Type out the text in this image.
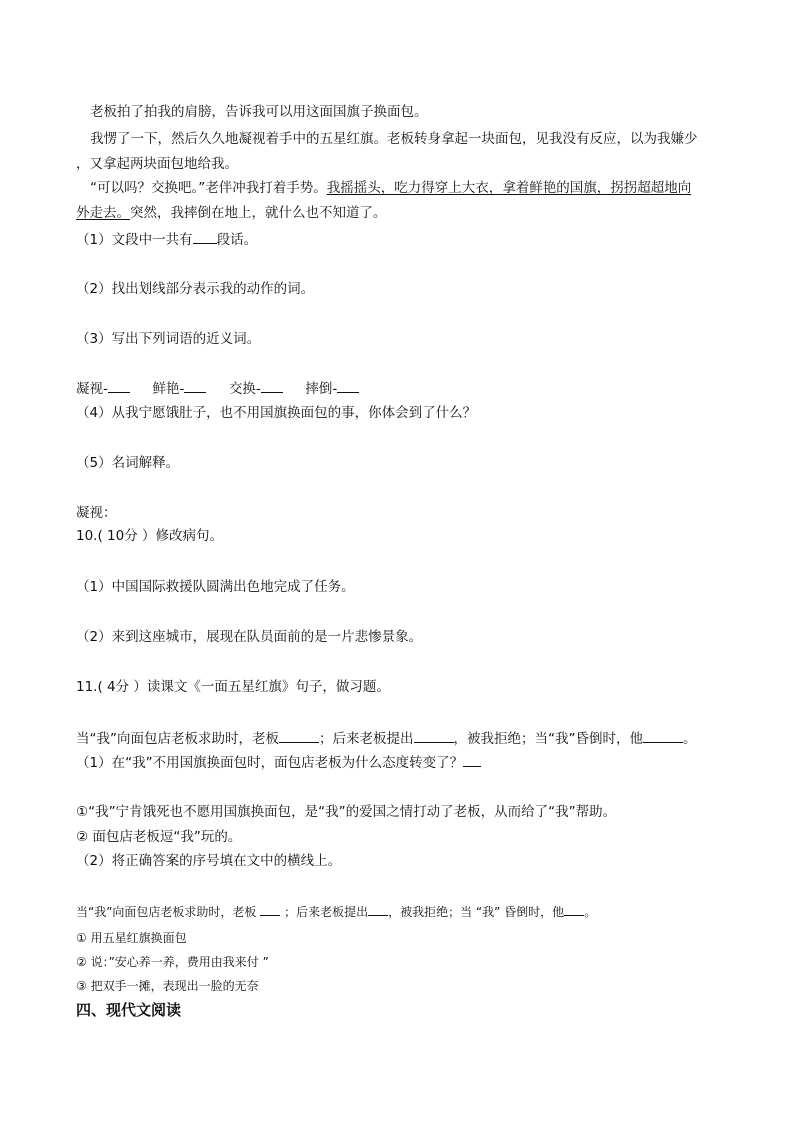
老板拍了拍我的肩膀，告诉我可以用这面国旗子换面包。
我愣了一下，然后久久地凝视着手中的五星红旗。老板转身拿起一块面包，见我没有反应，以为我嫌少
，又拿起两块面包地给我。
“可以吗？交换吧。”老伴冲我打着手势。我摇摇头，吃力得穿上大衣，拿着鲜艳的国旗，拐拐超超地向
外走去。突然，我摔倒在地上，就什么也不知道了。
（1）文段中一共有 段话。
（2）找出划线部分表示我的动作的词。
（3）写出下列词语的近义词。
凝视-	鲜艳-	交换-	摔倒-
（4）从我宁愿饿肚子，也不用国旗换面包的事，你体会到了什么？
（5）名词解释。
凝视：
10.( 10分 ）修改病句。
（1）中国国际救援队圆满出色地完成了任务。
（2）来到这座城市，展现在队员面前的是一片悲惨景象。
11.( 4分 ）读课文《一面五星红旗》句子，做习题。
当“我”向面包店老板求助时，老板	；后来老板提出	，被我拒绝；当“我”昏倒时，他	。
（1）在“我”不用国旗换面包时，面包店老板为什么态度转变了？
①“我”宁肯饿死也不愿用国旗换面包，是“我”的爱国之情打动了老板，从而给了“我”帮助。
② 面包店老板逗“我”玩的。
（2）将正确答案的序号填在文中的横线上。
当“我”向面包店老板求助时，老板 ；后来老板提出 ，被我拒绝；当 “我” 昏倒时，他 。
① 用五星红旗换面包
② 说：”安心养一养，费用由我来付 ”
③ 把双手一摊，表现出一脸的无奈
四、现代文阅读
